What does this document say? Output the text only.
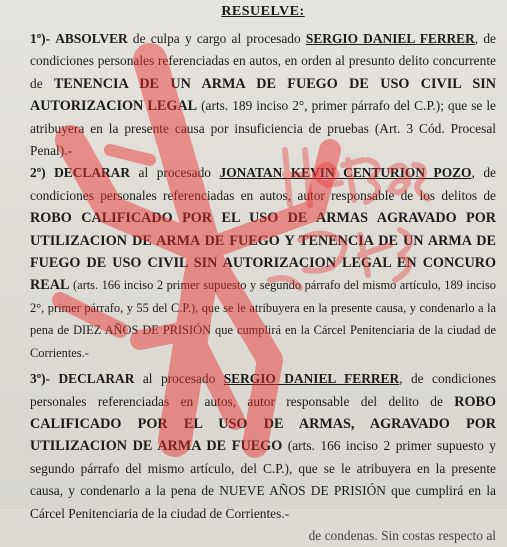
RESUELVE:

1º)- ABSOLVER de culpa y cargo al procesado SERGIO DANIEL FERRER, de condiciones personales referenciadas en autos, en orden al presunto delito concurrente de TENENCIA DE UN ARMA DE FUEGO DE USO CIVIL SIN AUTORIZACION LEGAL (arts. 189 inciso 2°, primer párrafo del C.P.); que se le atribuyera en la presente causa por insuficiencia de pruebas (Art. 3 Cód. Procesal Penal).-

2º) DECLARAR al procesado JONATAN KEVIN CENTURION POZO, de condiciones personales referenciadas en autos, autor responsable de los delitos de ROBO CALIFICADO POR EL USO DE ARMAS AGRAVADO POR UTILIZACION DE ARMA DE FUEGO Y TENENCIA DE UN ARMA DE FUEGO DE USO CIVIL SIN AUTORIZACION LEGAL EN CONCURO REAL (arts. 166 inciso 2 primer supuesto y segundo párrafo del mismo artículo, 189 inciso 2°, primer párrafo, y 55 del C.P.), que se le atribuyera en la presente causa, y condenarlo a la pena de DIEZ AÑOS DE PRISIÓN que cumplirá en la Cárcel Penitenciaria de la ciudad de Corrientes.-

3º)- DECLARAR al procesado SERGIO DANIEL FERRER, de condiciones personales referenciadas en autos, autor responsable del delito de ROBO CALIFICADO POR EL USO DE ARMAS, AGRAVADO POR UTILIZACION DE ARMA DE FUEGO (arts. 166 inciso 2 primer supuesto y segundo párrafo del mismo artículo, del C.P.), que se le atribuyera en la presente causa, y condenarlo a la pena de NUEVE AÑOS DE PRISIÓN que cumplirá en la Cárcel Penitenciaria de la ciudad de Corrientes.-

de condenas. Sin costas respecto al
